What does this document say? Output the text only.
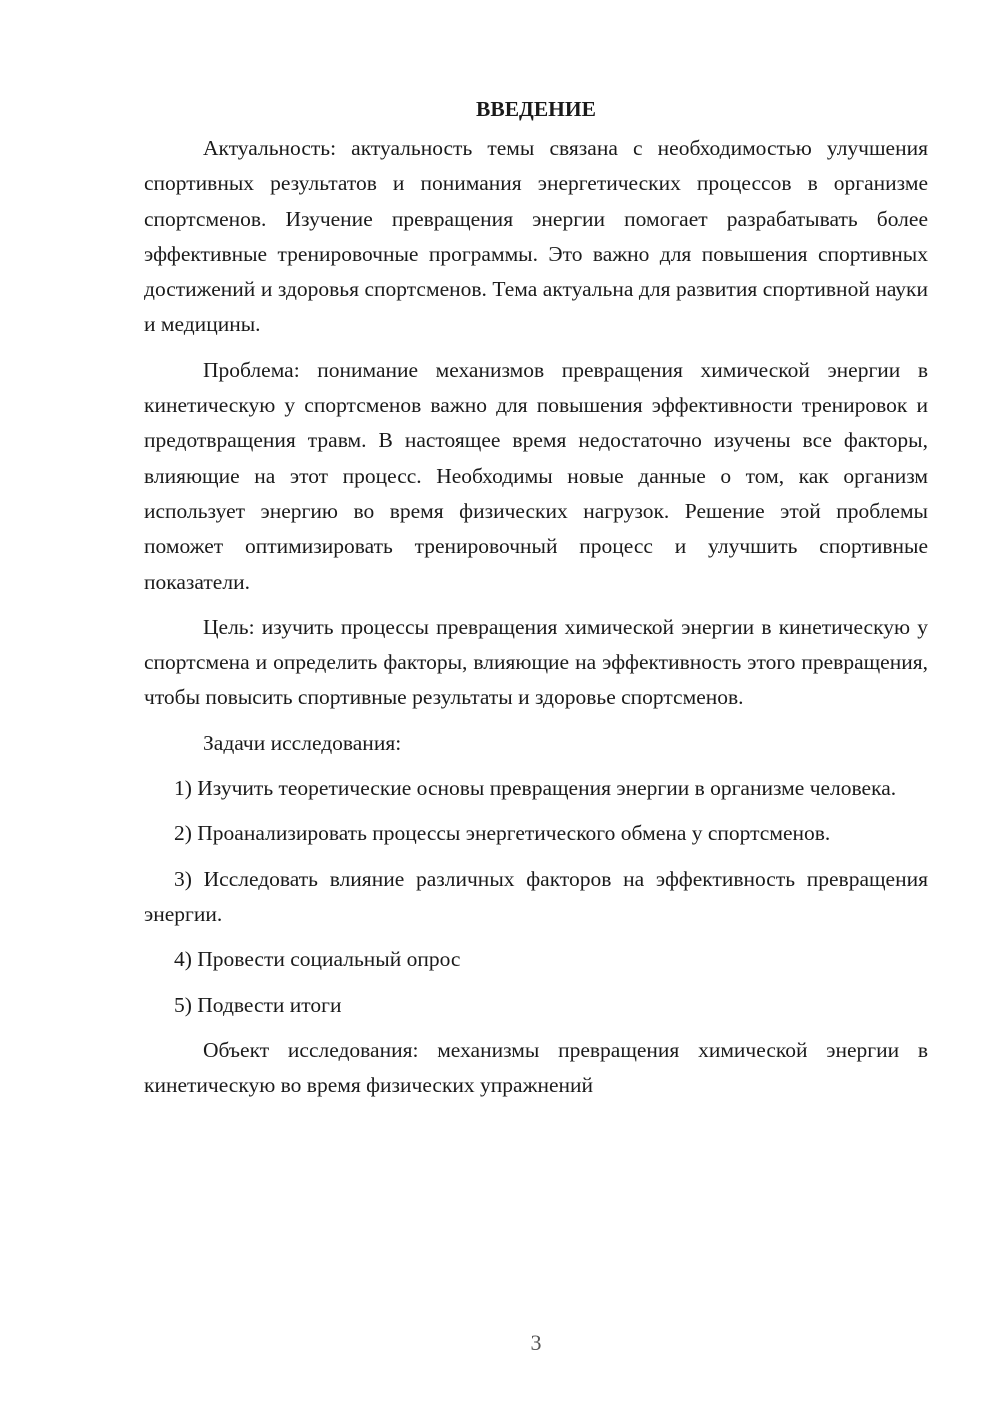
ВВЕДЕНИЕ

Актуальность: актуальность темы связана с необходимостью улучшения спортивных результатов и понимания энергетических процессов в организме спортсменов. Изучение превращения энергии помогает разрабатывать более эффективные тренировочные программы. Это важно для повышения спортивных достижений и здоровья спортсменов. Тема актуальна для развития спортивной науки и медицины.

Проблема: понимание механизмов превращения химической энергии в кинетическую у спортсменов важно для повышения эффективности тренировок и предотвращения травм. В настоящее время недостаточно изучены все факторы, влияющие на этот процесс. Необходимы новые данные о том, как организм использует энергию во время физических нагрузок. Решение этой проблемы поможет оптимизировать тренировочный процесс и улучшить спортивные показатели.

Цель: изучить процессы превращения химической энергии в кинетическую у спортсмена и определить факторы, влияющие на эффективность этого превращения, чтобы повысить спортивные результаты и здоровье спортсменов.

Задачи исследования:

1) Изучить теоретические основы превращения энергии в организме человека.

2) Проанализировать процессы энергетического обмена у спортсменов.

3) Исследовать влияние различных факторов на эффективность превращения энергии.

4) Провести социальный опрос

5) Подвести итоги

Объект исследования: механизмы превращения химической энергии в кинетическую во время физических упражнений

3
